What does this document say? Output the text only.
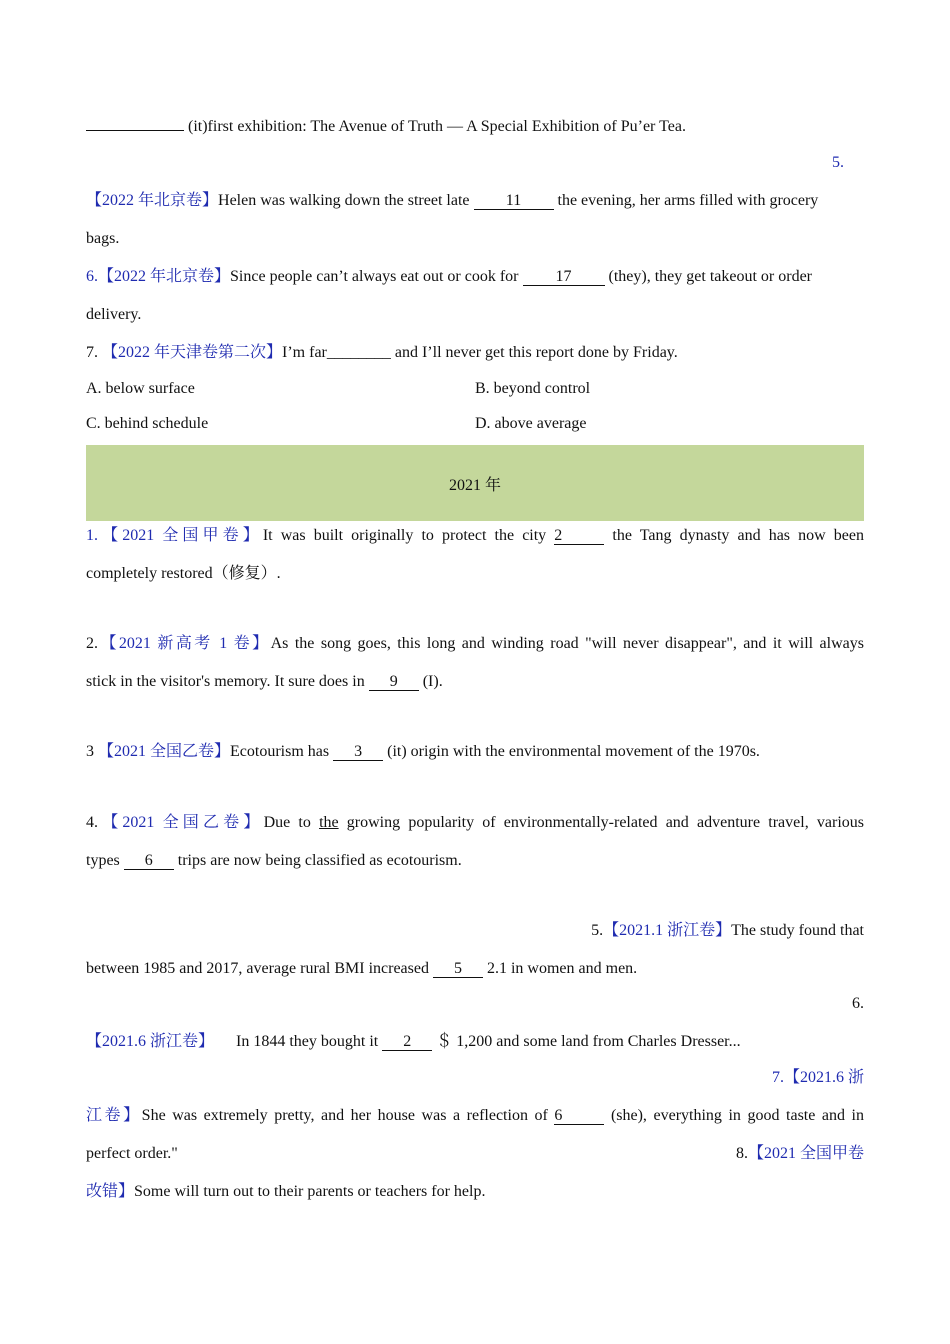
(it)first exhibition: The Avenue of Truth — A Special Exhibition of Pu’er Tea.
5.
【2022 年北京卷】Helen was walking down the street late 11 the evening, her arms filled with grocery
bags.
6.【2022 年北京卷】Since people can’t always eat out or cook for 17 (they), they get takeout or order
delivery.
7. 【2022 年天津卷第二次】I’m far________ and I’ll never get this report done by Friday.
A. below surface	B. beyond control
C. behind schedule	D. above average
2021 年
1.【2021 全国甲卷】It was built originally to protect the city 2	the Tang dynasty and has now been
completely restored（修复）.
2.【2021 新高考 1 卷】As the song goes, this long and winding road "will never disappear", and it will always
stick in the visitor's memory. It sure does in 9 (I).
3 【2021 全国乙卷】Ecotourism has 3 (it) origin with the environmental movement of the 1970s.
4.【2021 全国乙卷】Due to the growing popularity of environmentally-related and adventure travel, various
types 6 trips are now being classified as ecotourism.
5.【2021.1 浙江卷】The study found that
between 1985 and 2017, average rural BMI increased 5 2.1 in women and men.
6.
【2021.6 浙江卷】 In 1844 they bought it 2 ＄ 1,200 and some land from Charles Dresser...
7.【2021.6 浙
江卷】She was extremely pretty, and her house was a reflection of 6	(she), everything in good taste and in
perfect order."	8.【2021 全国甲卷
改错】Some will turn out to their parents or teachers for help.
